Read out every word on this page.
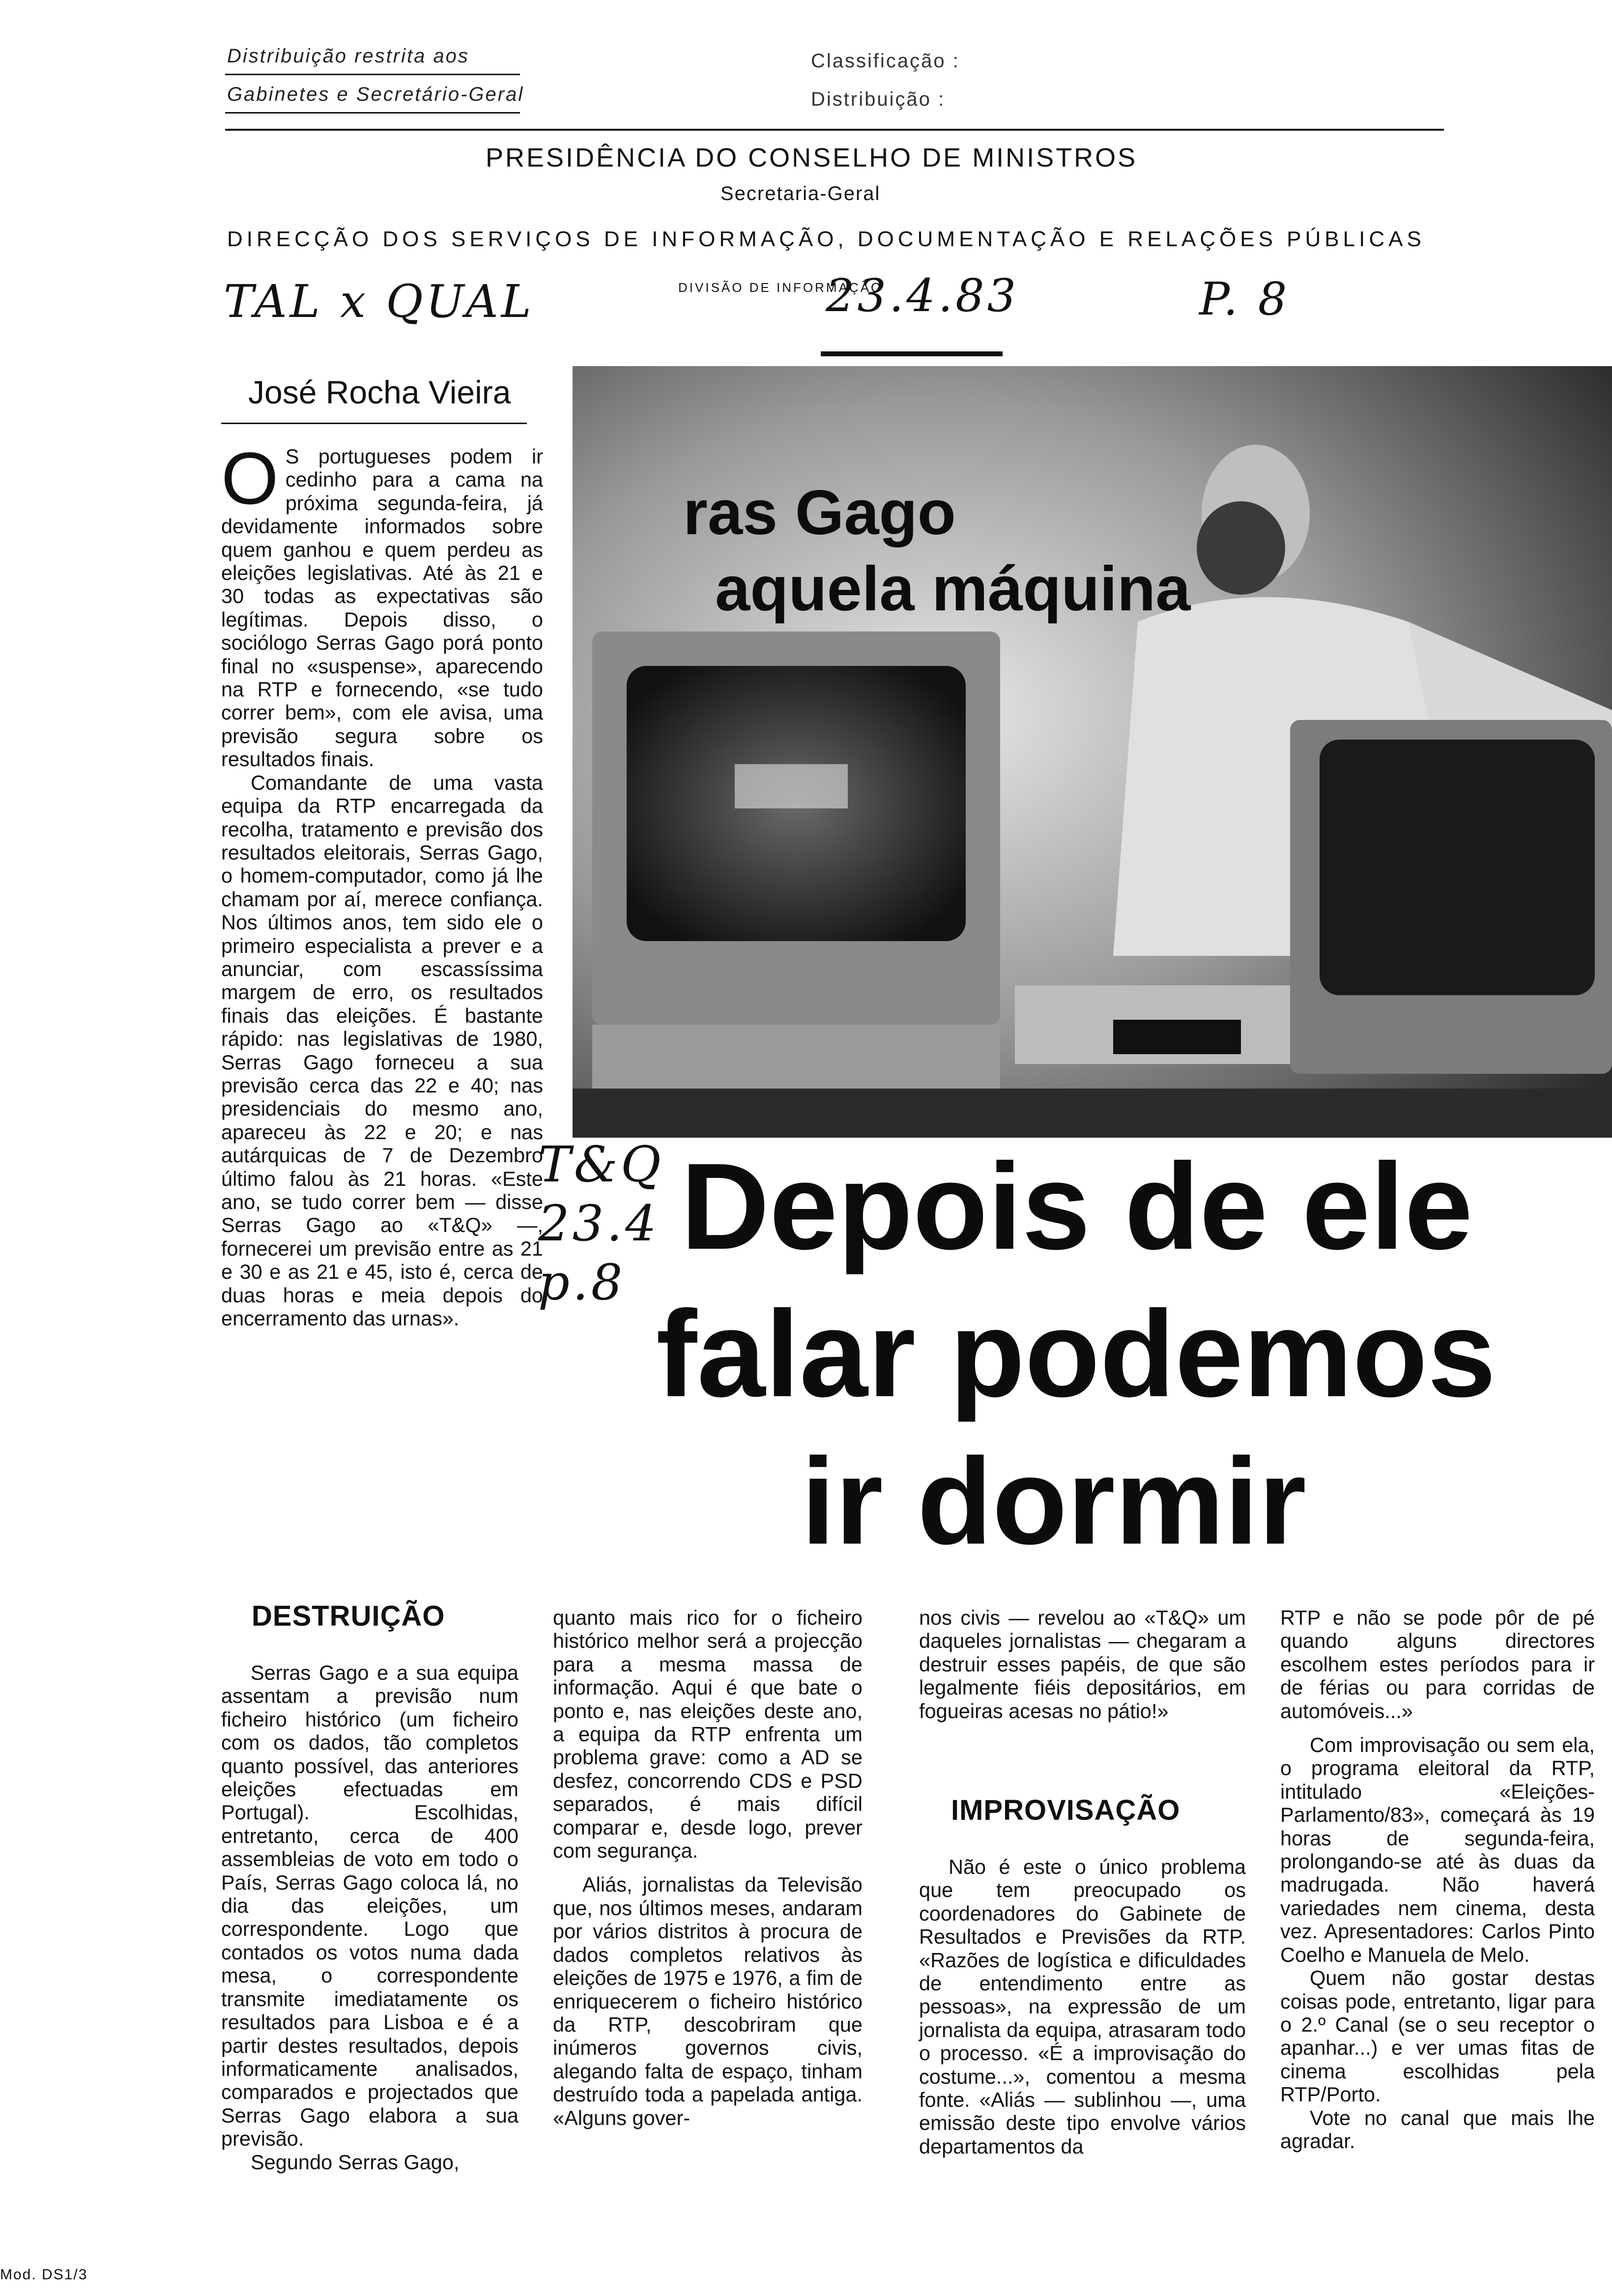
Distribuição restrita aos
Gabinetes e Secretário-Geral
Classificação :
Distribuição :
PRESIDÊNCIA DO CONSELHO DE MINISTROS
Secretaria-Geral
DIRECÇÃO DOS SERVIÇOS DE INFORMAÇÃO, DOCUMENTAÇÃO E RELAÇÕES PÚBLICAS
DIVISÃO DE INFORMAÇÃO
TAL x QUAL	23.4.83	P. 8
José Rocha Vieira

O S portugueses podem ir cedinho para a cama na próxima segunda-feira, já devidamente informados sobre quem ganhou e quem perdeu as eleições legislativas. Até às 21 e 30 todas as expectativas são legítimas. Depois disso, o sociólogo Serras Gago porá ponto final no «suspense», aparecendo na RTP e fornecendo, «se tudo correr bem», com ele avisa, uma previsão segura sobre os resultados finais.

Comandante de uma vasta equipa da RTP encarregada da recolha, tratamento e previsão dos resultados eleitorais, Serras Gago, o homem-computador, como já lhe chamam por aí, merece confiança. Nos últimos anos, tem sido ele o primeiro especialista a prever e a anunciar, com escassíssima margem de erro, os resultados finais das eleições. É bastante rápido: nas legislativas de 1980, Serras Gago forneceu a sua previsão cerca das 22 e 40; nas presidenciais do mesmo ano, apareceu às 22 e 20; e nas autárquicas de 7 de Dezembro último falou às 21 horas. «Este ano, se tudo correr bem — disse Serras Gago ao «T&Q» —, fornecerei um previsão entre as 21 e 30 e as 21 e 45, isto é, cerca de duas horas e meia depois do encerramento das urnas».

ras Gago
aquela máquina
T&Q 23.4 p.8
Depois de ele
falar podemos
ir dormir
DESTRUIÇÃO

Serras Gago e a sua equipa assentam a previsão num ficheiro histórico (um ficheiro com os dados, tão completos quanto possível, das anteriores eleições efectuadas em Portugal). Escolhidas, entretanto, cerca de 400 assembleias de voto em todo o País, Serras Gago coloca lá, no dia das eleições, um correspondente. Logo que contados os votos numa dada mesa, o correspondente transmite imediatamente os resultados para Lisboa e é a partir destes resultados, depois informaticamente analisados, comparados e projectados que Serras Gago elabora a sua previsão.

Segundo Serras Gago,

quanto mais rico for o ficheiro histórico melhor será a projecção para a mesma massa de informação. Aqui é que bate o ponto e, nas eleições deste ano, a equipa da RTP enfrenta um problema grave: como a AD se desfez, concorrendo CDS e PSD separados, é mais difícil comparar e, desde logo, prever com segurança.

Aliás, jornalistas da Televisão que, nos últimos meses, andaram por vários distritos à procura de dados completos relativos às eleições de 1975 e 1976, a fim de enriquecerem o ficheiro histórico da RTP, descobriram que inúmeros governos civis, alegando falta de espaço, tinham destruído toda a papelada antiga. «Alguns gover-

nos civis — revelou ao «T&Q» um daqueles jornalistas — chegaram a destruir esses papéis, de que são legalmente fiéis depositários, em fogueiras acesas no pátio!»

IMPROVISAÇÃO

Não é este o único problema que tem preocupado os coordenadores do Gabinete de Resultados e Previsões da RTP. «Razões de logística e dificuldades de entendimento entre as pessoas», na expressão de um jornalista da equipa, atrasaram todo o processo. «É a improvisação do costume...», comentou a mesma fonte. «Aliás — sublinhou —, uma emissão deste tipo envolve vários departamentos da

RTP e não se pode pôr de pé quando alguns directores escolhem estes períodos para ir de férias ou para corridas de automóveis...»

Com improvisação ou sem ela, o programa eleitoral da RTP, intitulado «Eleições-Parlamento/83», começará às 19 horas de segunda-feira, prolongando-se até às duas da madrugada. Não haverá variedades nem cinema, desta vez. Apresentadores: Carlos Pinto Coelho e Manuela de Melo.

Quem não gostar destas coisas pode, entretanto, ligar para o 2.º Canal (se o seu receptor o apanhar...) e ver umas fitas de cinema escolhidas pela RTP/Porto.

Vote no canal que mais lhe agradar.

Mod. DS1/3
